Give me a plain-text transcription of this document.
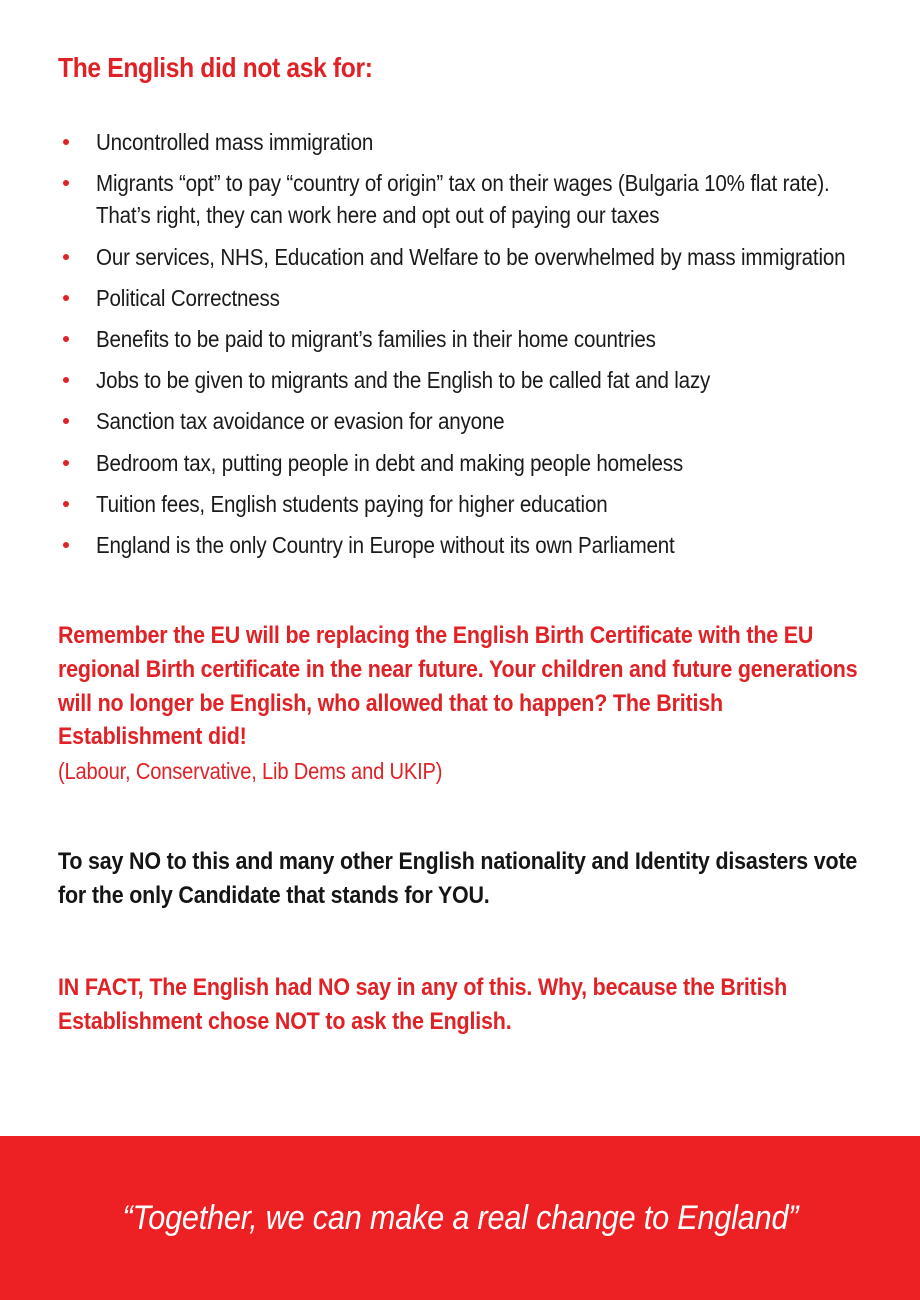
The English did not ask for:
Uncontrolled mass immigration
Migrants “opt” to pay “country of origin” tax on their wages (Bulgaria 10% flat rate). That’s right, they can work here and opt out of paying our taxes
Our services, NHS, Education and Welfare to be overwhelmed by mass immigration
Political Correctness
Benefits to be paid to migrant’s families in their home countries
Jobs to be given to migrants and the English to be called fat and lazy
Sanction tax avoidance or evasion for anyone
Bedroom tax, putting people in debt and making people homeless
Tuition fees, English students paying for higher education
England is the only Country in Europe without its own Parliament

Remember the EU will be replacing the English Birth Certificate with the EU regional Birth certificate in the near future. Your children and future generations will no longer be English, who allowed that to happen? The British Establishment did!

(Labour, Conservative, Lib Dems and UKIP)

To say NO to this and many other English nationality and Identity disasters vote for the only Candidate that stands for YOU.

IN FACT, The English had NO say in any of this. Why, because the British Establishment chose NOT to ask the English.

“Together, we can make a real change to England”
